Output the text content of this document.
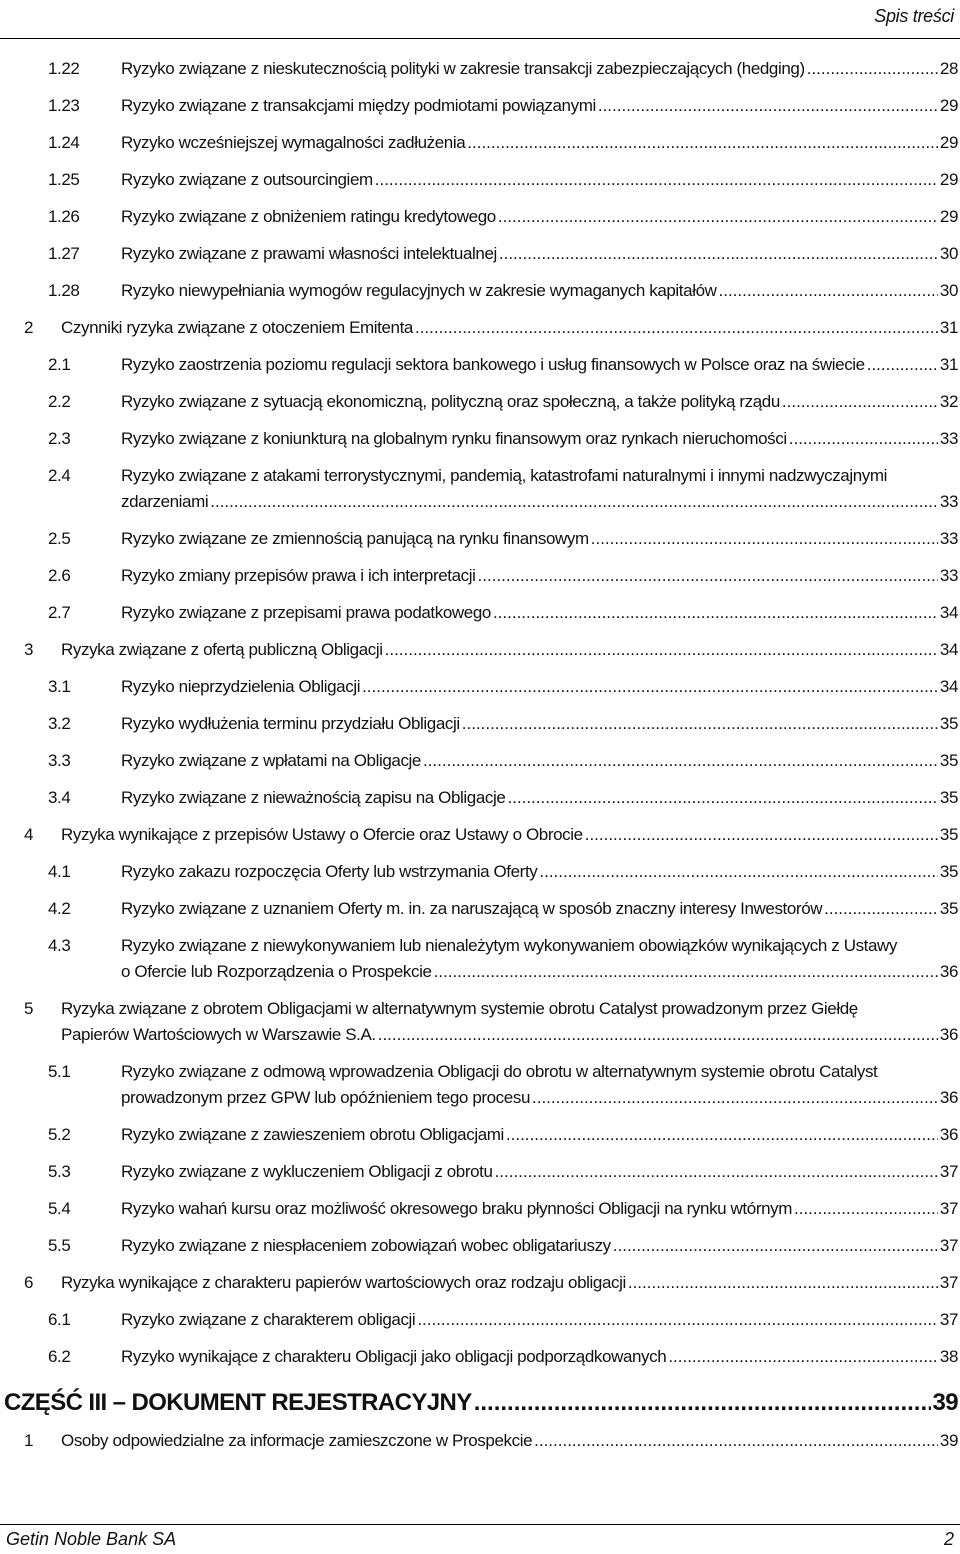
Spis treści
1.22 Ryzyko związane z nieskutecznością polityki w zakresie transakcji zabezpieczających (hedging) .....	28
1.23 Ryzyko związane z transakcjami między podmiotami powiązanymi .....	29
1.24 Ryzyko wcześniejszej wymagalności zadłużenia .....	29
1.25 Ryzyko związane z outsourcingiem .....	29
1.26 Ryzyko związane z obniżeniem ratingu kredytowego .....	29
1.27 Ryzyko związane z prawami własności intelektualnej .....	30
1.28 Ryzyko niewypełniania wymogów regulacyjnych w zakresie wymaganych kapitałów .....	30
2 Czynniki ryzyka związane z otoczeniem Emitenta .....	31
2.1	Ryzyko zaostrzenia poziomu regulacji sektora bankowego i usług finansowych w Polsce oraz na świecie .....	31
2.2	Ryzyko związane z sytuacją ekonomiczną, polityczną oraz społeczną, a także polityką rządu .....	32
2.3	Ryzyko związane z koniunkturą na globalnym rynku finansowym oraz rynkach nieruchomości .....	33
2.4	Ryzyko związane z atakami terrorystycznymi, pandemią, katastrofami naturalnymi i innymi nadzwyczajnymi
zdarzeniami .....	33
2.5	Ryzyko związane ze zmiennością panującą na rynku finansowym .....	33
2.6	Ryzyko zmiany przepisów prawa i ich interpretacji .....	33
2.7	Ryzyko związane z przepisami prawa podatkowego .....	34
3 Ryzyka związane z ofertą publiczną Obligacji .....	34
3.1	Ryzyko nieprzydzielenia Obligacji .....	34
3.2	Ryzyko wydłużenia terminu przydziału Obligacji .....	35
3.3	Ryzyko związane z wpłatami na Obligacje .....	35
3.4	Ryzyko związane z nieważnością zapisu na Obligacje .....	35
4 Ryzyka wynikające z przepisów Ustawy o Ofercie oraz Ustawy o Obrocie .....	35
4.1	Ryzyko zakazu rozpoczęcia Oferty lub wstrzymania Oferty .....	35
4.2	Ryzyko związane z uznaniem Oferty m. in. za naruszającą w sposób znaczny interesy Inwestorów .....	35
4.3	Ryzyko związane z niewykonywaniem lub nienależytym wykonywaniem obowiązków wynikających z Ustawy
o Ofercie lub Rozporządzenia o Prospekcie .....	36
5	Ryzyka związane z obrotem Obligacjami w alternatywnym systemie obrotu Catalyst prowadzonym przez Giełdę
Papierów Wartościowych w Warszawie S.A. .....	36
5.1	Ryzyko związane z odmową wprowadzenia Obligacji do obrotu w alternatywnym systemie obrotu Catalyst
prowadzonym przez GPW lub opóźnieniem tego procesu .....	36
5.2	Ryzyko związane z zawieszeniem obrotu Obligacjami .....	36
5.3	Ryzyko związane z wykluczeniem Obligacji z obrotu .....	37
5.4	Ryzyko wahań kursu oraz możliwość okresowego braku płynności Obligacji na rynku wtórnym .....	37
5.5	Ryzyko związane z niespłaceniem zobowiązań wobec obligatariuszy .....	37
6 Ryzyka wynikające z charakteru papierów wartościowych oraz rodzaju obligacji .....	37
6.1	Ryzyko związane z charakterem obligacji .....	37
6.2	Ryzyko wynikające z charakteru Obligacji jako obligacji podporządkowanych .....	38
CZĘŚĆ III – DOKUMENT REJESTRACYJNY .....	39
1 Osoby odpowiedzialne za informacje zamieszczone w Prospekcie .....	39
Getin Noble Bank SA	2
